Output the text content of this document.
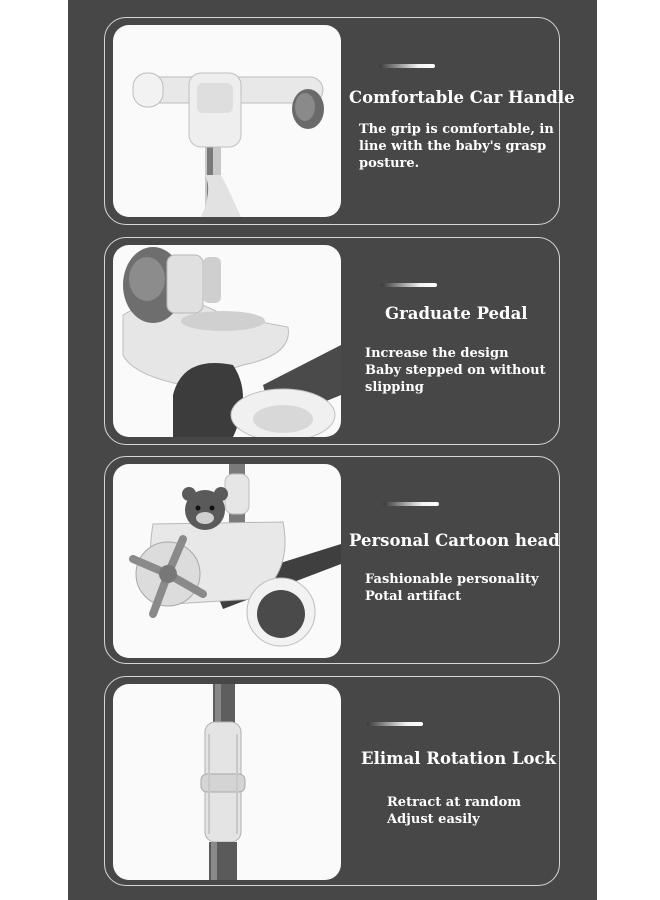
Comfortable Car Handle
The grip is comfortable, in
line with the baby's grasp
posture.
Graduate Pedal
Increase the design
Baby stepped on without
slipping
Personal Cartoon head
Fashionable personality
Potal artifact
Elimal Rotation Lock
Retract at random
Adjust easily
